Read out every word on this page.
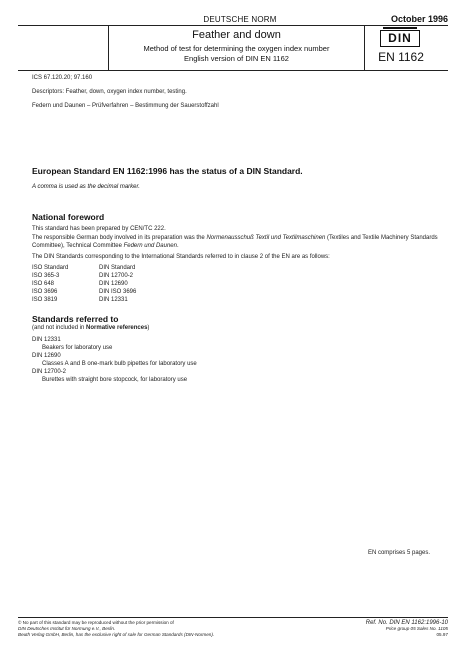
DEUTSCHE NORM	October 1996
Feather and down
Method of test for determining the oxygen index number
English version of DIN EN 1162
DIN
EN 1162
ICS 67.120.20; 97.160
Descriptors: Feather, down, oxygen index number, testing.
Federn und Daunen – Prüfverfahren – Bestimmung der Sauerstoffzahl
European Standard EN 1162:1996 has the status of a DIN Standard.
A comma is used as the decimal marker.
National foreword
This standard has been prepared by CEN/TC 222.
The responsible German body involved in its preparation was the Normenausschuß Textil und Textilmaschinen (Textiles and Textile Machinery Standards Committee), Technical Committee Federn und Daunen.
The DIN Standards corresponding to the International Standards referred to in clause 2 of the EN are as follows:
ISO Standard	DIN Standard
ISO 365-3	DIN 12700-2
ISO 648	DIN 12690
ISO 3696	DIN ISO 3696
ISO 3819	DIN 12331
Standards referred to
(and not included in Normative references)
DIN 12331
Beakers for laboratory use
DIN 12690
Classes A and B one-mark bulb pipettes for laboratory use
DIN 12700-2
Burettes with straight bore stopcock, for laboratory use
EN comprises 5 pages.
© No part of this standard may be reproduced without the prior permission of
DIN Deutsches Institut für Normung e.V., Berlin.
Beuth Verlag GmbH, Berlin, has the exclusive right of sale for German Standards (DIN-Normen).
Ref. No. DIN EN 1162:1996-10
Price group 05 Sales No. 1105
05.97
